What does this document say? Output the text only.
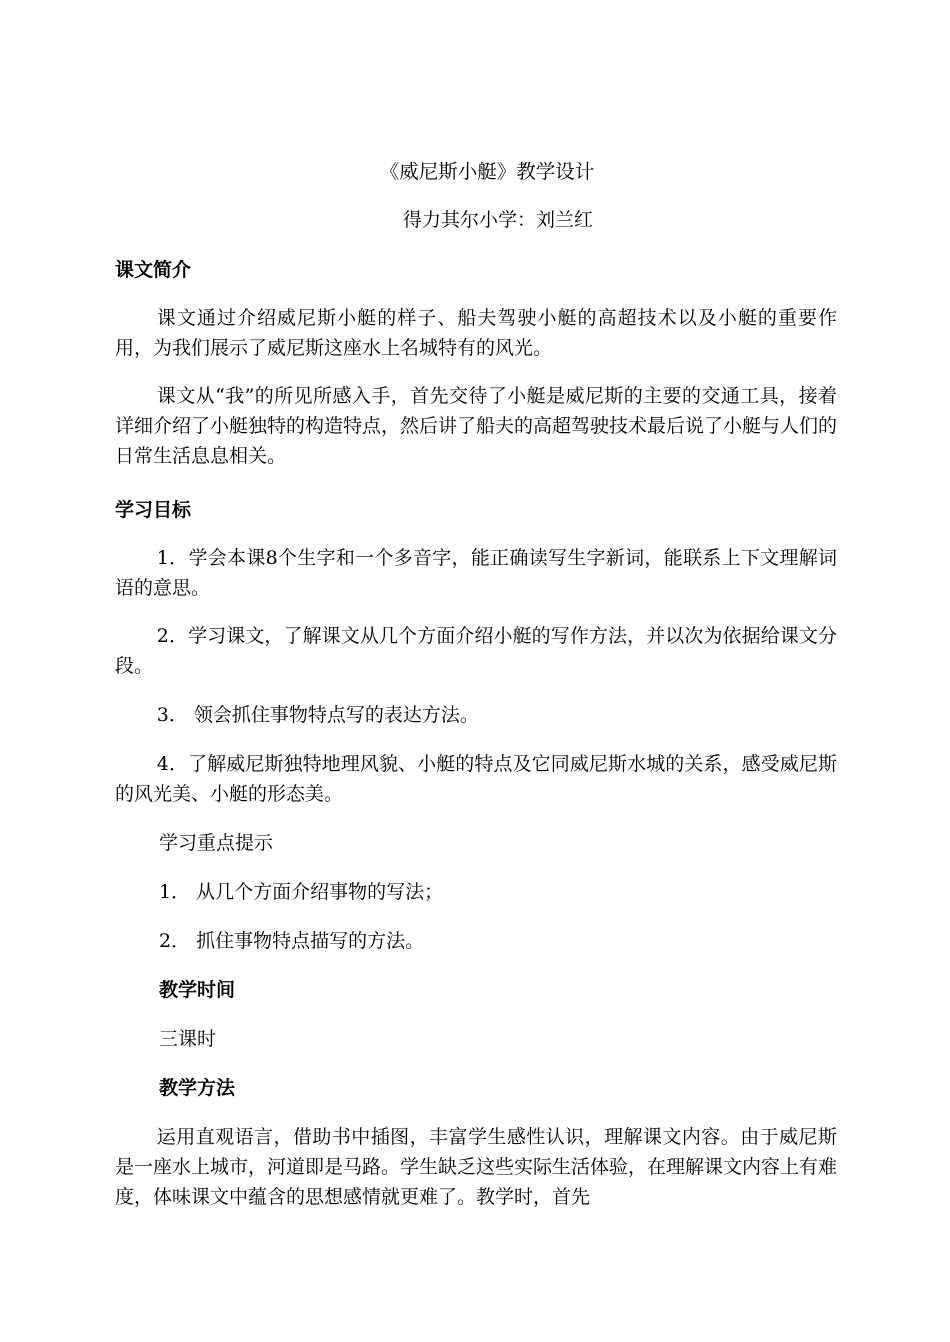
《威尼斯小艇》教学设计

得力其尔小学：刘兰红

课文简介

课文通过介绍威尼斯小艇的样子、船夫驾驶小艇的高超技术以及小艇的重要作用，为我们展示了威尼斯这座水上名城特有的风光。

课文从“我”的所见所感入手，首先交待了小艇是威尼斯的主要的交通工具，接着详细介绍了小艇独特的构造特点，然后讲了船夫的高超驾驶技术最后说了小艇与人们的日常生活息息相关。

学习目标

1．学会本课8个生字和一个多音字，能正确读写生字新词，能联系上下文理解词语的意思。

2．学习课文，了解课文从几个方面介绍小艇的写作方法，并以次为依据给课文分段。

3． 领会抓住事物特点写的表达方法。

4．了解威尼斯独特地理风貌、小艇的特点及它同威尼斯水城的关系，感受威尼斯的风光美、小艇的形态美。

学习重点提示

1． 从几个方面介绍事物的写法；

2． 抓住事物特点描写的方法。

教学时间

三课时

教学方法

运用直观语言，借助书中插图，丰富学生感性认识，理解课文内容。由于威尼斯是一座水上城市，河道即是马路。学生缺乏这些实际生活体验，在理解课文内容上有难度，体味课文中蕴含的思想感情就更难了。教学时，首先
